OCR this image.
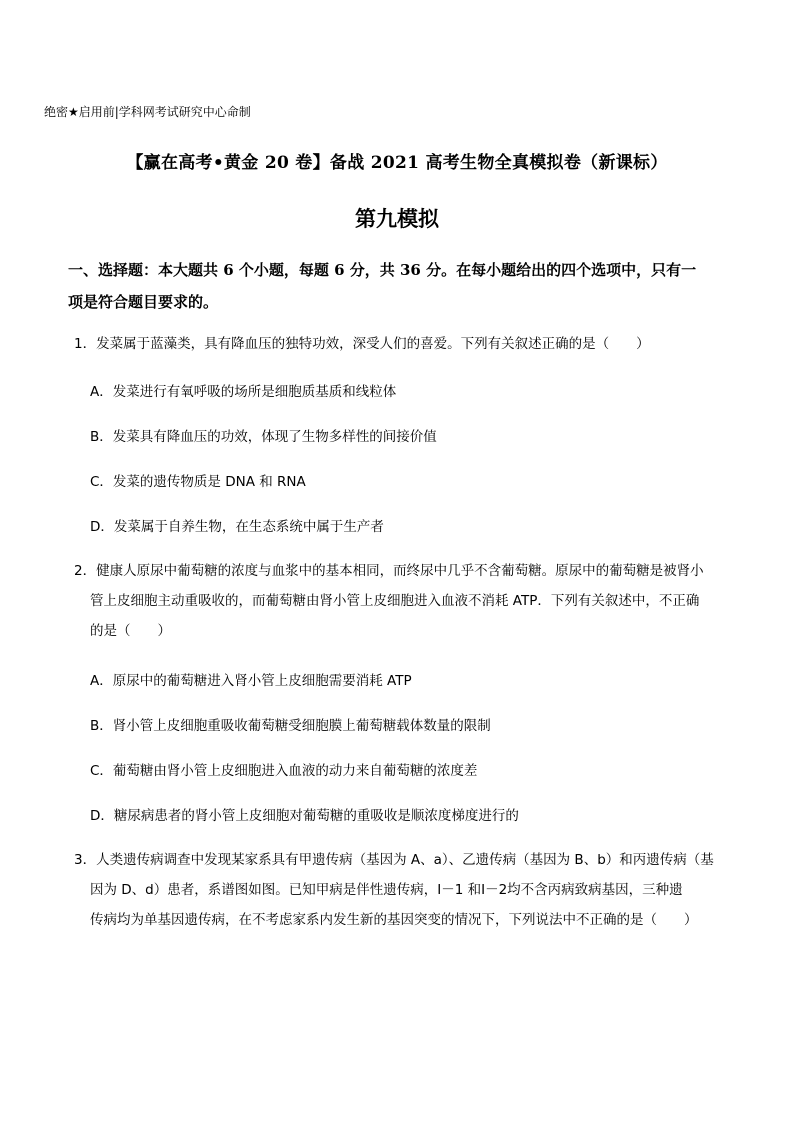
绝密★启用前|学科网考试研究中心命制
【赢在高考•黄金 20 卷】备战 2021 高考生物全真模拟卷（新课标）
第九模拟
一、选择题：本大题共 6 个小题，每题 6 分，共 36 分。在每小题给出的四个选项中，只有一
项是符合题目要求的。
1．发菜属于蓝藻类，具有降血压的独特功效，深受人们的喜爱。下列有关叙述正确的是（　　）
A．发菜进行有氧呼吸的场所是细胞质基质和线粒体
B．发菜具有降血压的功效，体现了生物多样性的间接价值
C．发菜的遗传物质是 DNA 和 RNA
D．发菜属于自养生物，在生态系统中属于生产者
2．健康人原尿中葡萄糖的浓度与血浆中的基本相同，而终尿中几乎不含葡萄糖。原尿中的葡萄糖是被肾小
管上皮细胞主动重吸收的，而葡萄糖由肾小管上皮细胞进入血液不消耗 ATP．下列有关叙述中，不正确
的是（　　）
A．原尿中的葡萄糖进入肾小管上皮细胞需要消耗 ATP
B．肾小管上皮细胞重吸收葡萄糖受细胞膜上葡萄糖载体数量的限制
C．葡萄糖由肾小管上皮细胞进入血液的动力来自葡萄糖的浓度差
D．糖尿病患者的肾小管上皮细胞对葡萄糖的重吸收是顺浓度梯度进行的
3．人类遗传病调查中发现某家系具有甲遗传病（基因为 A、a）、乙遗传病（基因为 B、b）和丙遗传病（基
因为 D、d）患者，系谱图如图。已知甲病是伴性遗传病，Ⅰ－1 和Ⅰ－2均不含丙病致病基因，三种遗
传病均为单基因遗传病，在不考虑家系内发生新的基因突变的情况下，下列说法中不正确的是（　　）
